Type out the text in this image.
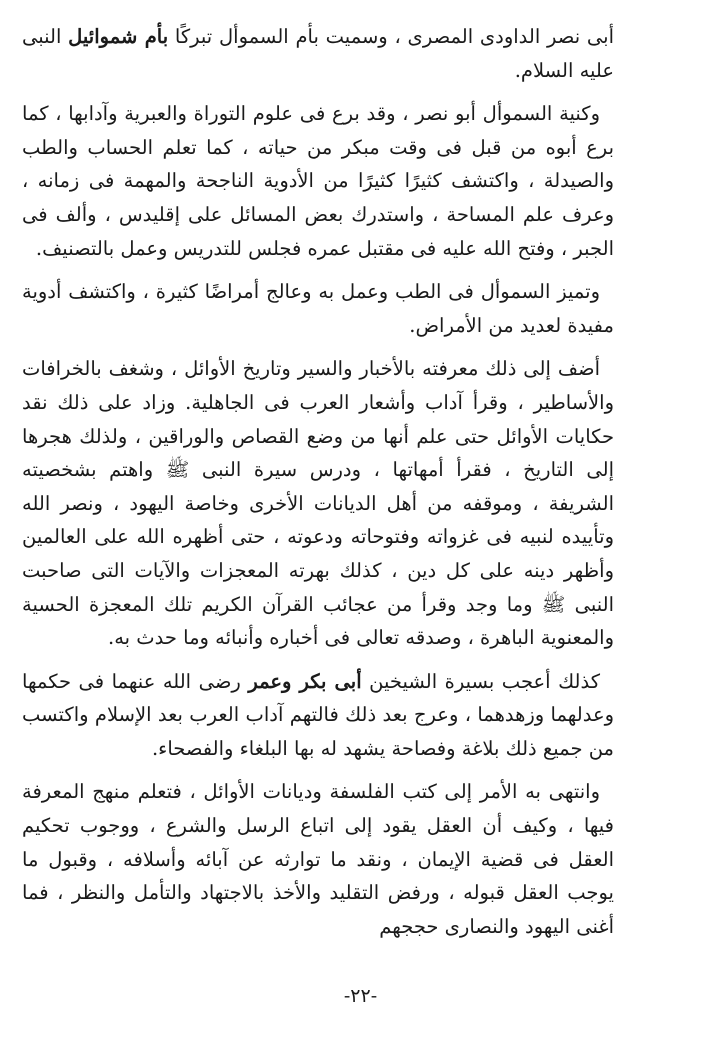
أبى نصر الداودى المصرى ، وسميت بأم السموأل تبركًا بأم شموائيل النبى عليه السلام.

وكنية السموأل أبو نصر ، وقد برع فى علوم التوراة والعبرية وآدابها ، كما برع أبوه من قبل فى وقت مبكر من حياته ، كما تعلم الحساب والطب والصيدلة ، واكتشف كثيرًا كثيرًا من الأدوية الناجحة والمهمة فى زمانه ، وعرف علم المساحة ، واستدرك بعض المسائل على إقليدس ، وألف فى الجبر ، وفتح الله عليه فى مقتبل عمره فجلس للتدريس وعمل بالتصنيف.

وتميز السموأل فى الطب وعمل به وعالج أمراضًا كثيرة ، واكتشف أدوية مفيدة لعديد من الأمراض.

أضف إلى ذلك معرفته بالأخبار والسير وتاريخ الأوائل ، وشغف بالخرافات والأساطير ، وقرأ آداب وأشعار العرب فى الجاهلية. وزاد على ذلك نقد حكايات الأوائل حتى علم أنها من وضع القصاص والوراقين ، ولذلك هجرها إلى التاريخ ، فقرأ أمهاتها ، ودرس سيرة النبى ﷺ واهتم بشخصيته الشريفة ، وموقفه من أهل الديانات الأخرى وخاصة اليهود ، ونصر الله وتأييده لنبيه فى غزواته وفتوحاته ودعوته ، حتى أظهره الله على العالمين وأظهر دينه على كل دين ، كذلك بهرته المعجزات والآيات التى صاحبت النبى ﷺ وما وجد وقرأ من عجائب القرآن الكريم تلك المعجزة الحسية والمعنوية الباهرة ، وصدقه تعالى فى أخباره وأنبائه وما حدث به.

كذلك أعجب بسيرة الشيخين أبى بكر وعمر رضى الله عنهما فى حكمها وعدلهما وزهدهما ، وعرج بعد ذلك فالتهم آداب العرب بعد الإسلام واكتسب من جميع ذلك بلاغة وفصاحة يشهد له بها البلغاء والفصحاء.

وانتهى به الأمر إلى كتب الفلسفة وديانات الأوائل ، فتعلم منهج المعرفة فيها ، وكيف أن العقل يقود إلى اتباع الرسل والشرع ، ووجوب تحكيم العقل فى قضية الإيمان ، ونقد ما توارثه عن آبائه وأسلافه ، وقبول ما يوجب العقل قبوله ، ورفض التقليد والأخذ بالاجتهاد والتأمل والنظر ، فما أغنى اليهود والنصارى حججهم

-٢٢-
